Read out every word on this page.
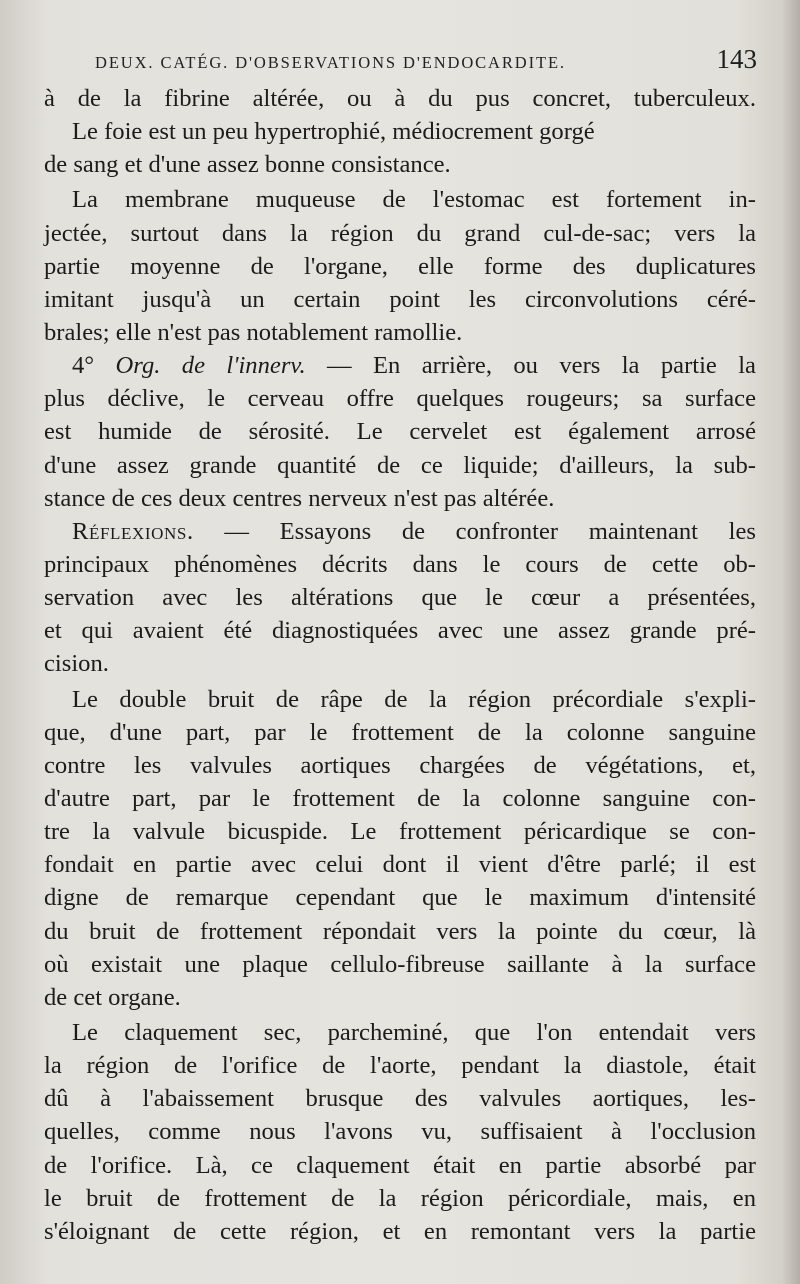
DEUX. CATÉG. D'OBSERVATIONS D'ENDOCARDITE.	143
à de la fibrine altérée, ou à du pus concret, tuberculeux.
Le foie est un peu hypertrophié, médiocrement gorgé
de sang et d'une assez bonne consistance.
La membrane muqueuse de l'estomac est fortement in-
jectée, surtout dans la région du grand cul-de-sac; vers la
partie moyenne de l'organe, elle forme des duplicatures
imitant jusqu'à un certain point les circonvolutions céré-
brales; elle n'est pas notablement ramollie.
4° Org. de l'innerv. — En arrière, ou vers la partie la
plus déclive, le cerveau offre quelques rougeurs; sa surface
est humide de sérosité. Le cervelet est également arrosé
d'une assez grande quantité de ce liquide; d'ailleurs, la sub-
stance de ces deux centres nerveux n'est pas altérée.
Réflexions. — Essayons de confronter maintenant les
principaux phénomènes décrits dans le cours de cette ob-
servation avec les altérations que le cœur a présentées,
et qui avaient été diagnostiquées avec une assez grande pré-
cision.
Le double bruit de râpe de la région précordiale s'expli-
que, d'une part, par le frottement de la colonne sanguine
contre les valvules aortiques chargées de végétations, et,
d'autre part, par le frottement de la colonne sanguine con-
tre la valvule bicuspide. Le frottement péricardique se con-
fondait en partie avec celui dont il vient d'être parlé; il est
digne de remarque cependant que le maximum d'intensité
du bruit de frottement répondait vers la pointe du cœur, là
où existait une plaque cellulo-fibreuse saillante à la surface
de cet organe.
Le claquement sec, parcheminé, que l'on entendait vers
la région de l'orifice de l'aorte, pendant la diastole, était
dû à l'abaissement brusque des valvules aortiques, les-
quelles, comme nous l'avons vu, suffisaient à l'occlusion
de l'orifice. Là, ce claquement était en partie absorbé par
le bruit de frottement de la région péricordiale, mais, en
s'éloignant de cette région, et en remontant vers la partie
